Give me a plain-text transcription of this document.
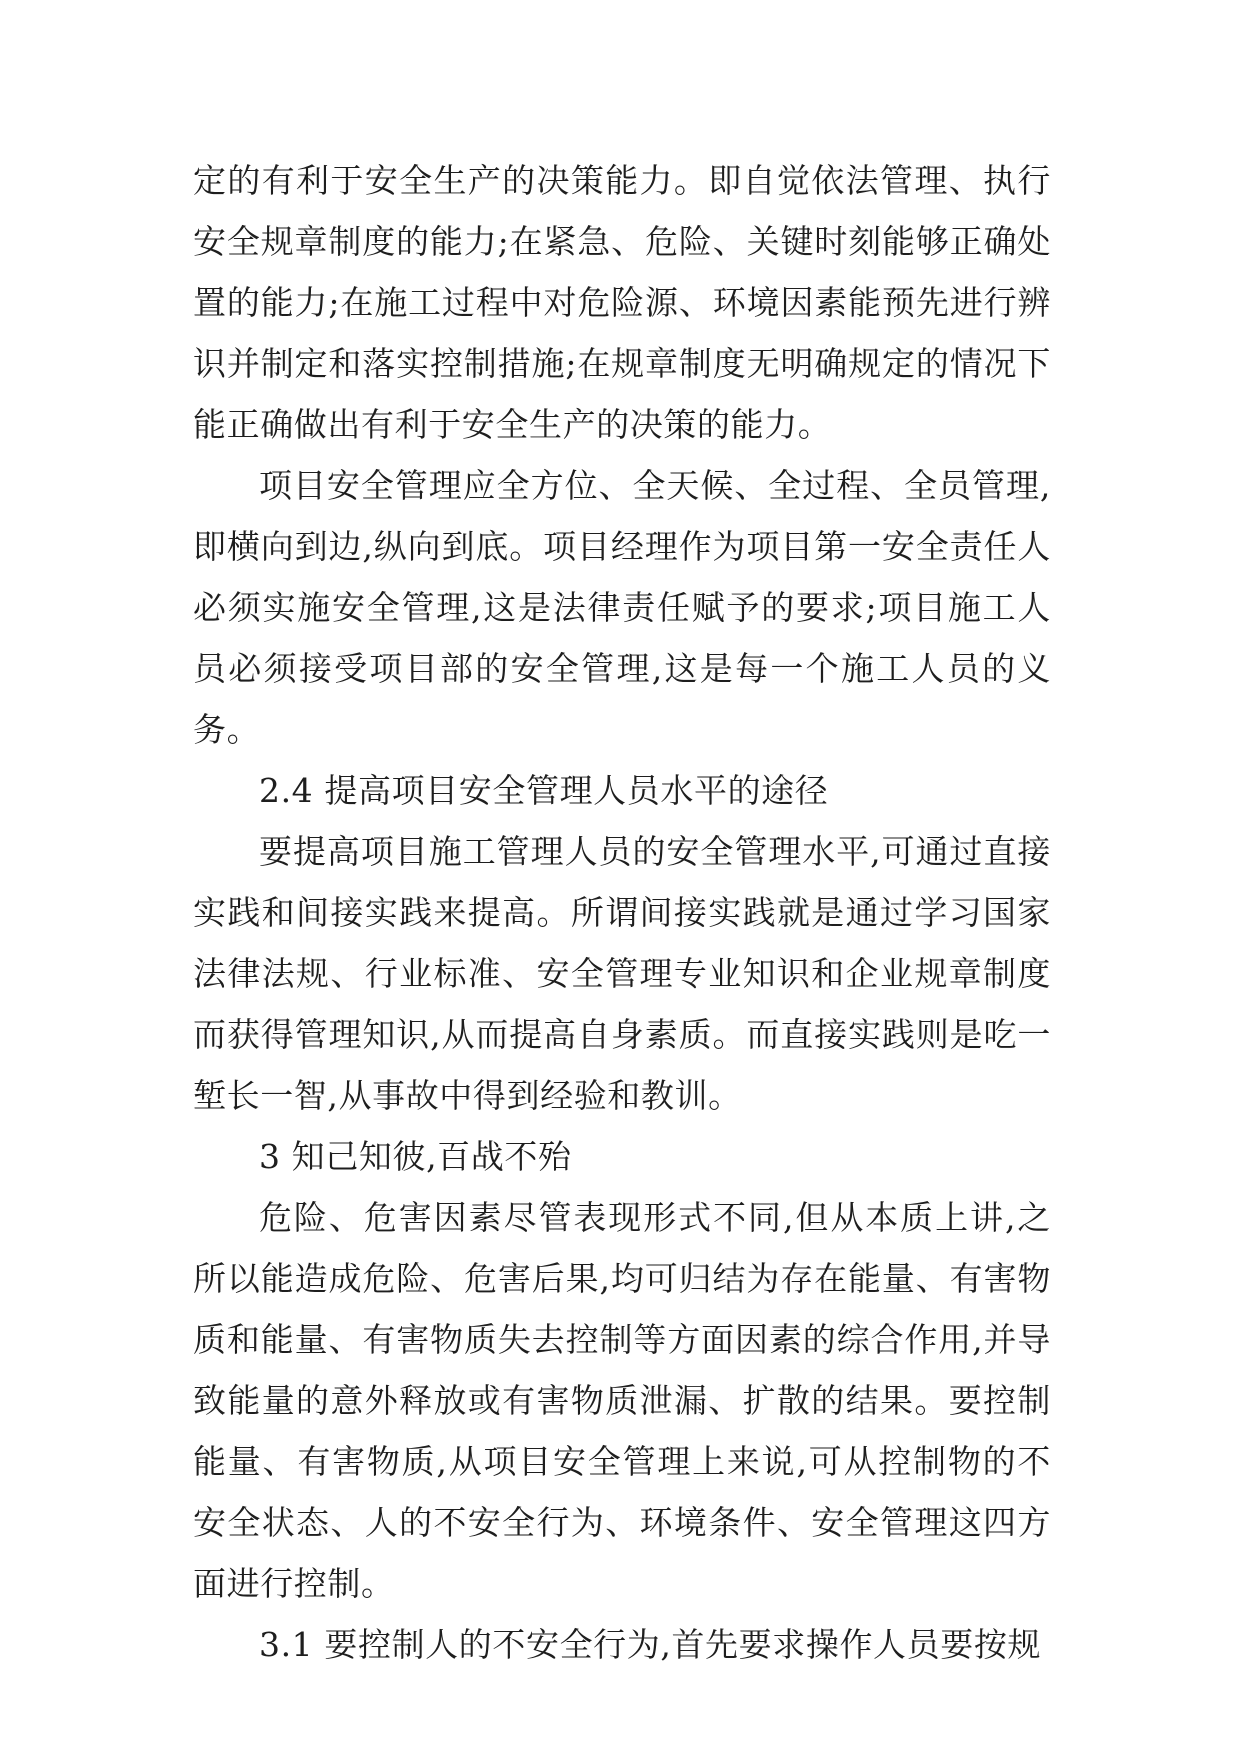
定的有利于安全生产的决策能力。即自觉依法管理、执行安全规章制度的能力;在紧急、危险、关键时刻能够正确处置的能力;在施工过程中对危险源、环境因素能预先进行辨识并制定和落实控制措施;在规章制度无明确规定的情况下能正确做出有利于安全生产的决策的能力。

项目安全管理应全方位、全天候、全过程、全员管理,即横向到边,纵向到底。项目经理作为项目第一安全责任人必须实施安全管理,这是法律责任赋予的要求;项目施工人员必须接受项目部的安全管理,这是每一个施工人员的义务。

2.4 提高项目安全管理人员水平的途径

要提高项目施工管理人员的安全管理水平,可通过直接实践和间接实践来提高。所谓间接实践就是通过学习国家法律法规、行业标准、安全管理专业知识和企业规章制度而获得管理知识,从而提高自身素质。而直接实践则是吃一堑长一智,从事故中得到经验和教训。

3 知己知彼,百战不殆

危险、危害因素尽管表现形式不同,但从本质上讲,之所以能造成危险、危害后果,均可归结为存在能量、有害物质和能量、有害物质失去控制等方面因素的综合作用,并导致能量的意外释放或有害物质泄漏、扩散的结果。要控制能量、有害物质,从项目安全管理上来说,可从控制物的不安全状态、人的不安全行为、环境条件、安全管理这四方面进行控制。

3.1 要控制人的不安全行为,首先要求操作人员要按规
